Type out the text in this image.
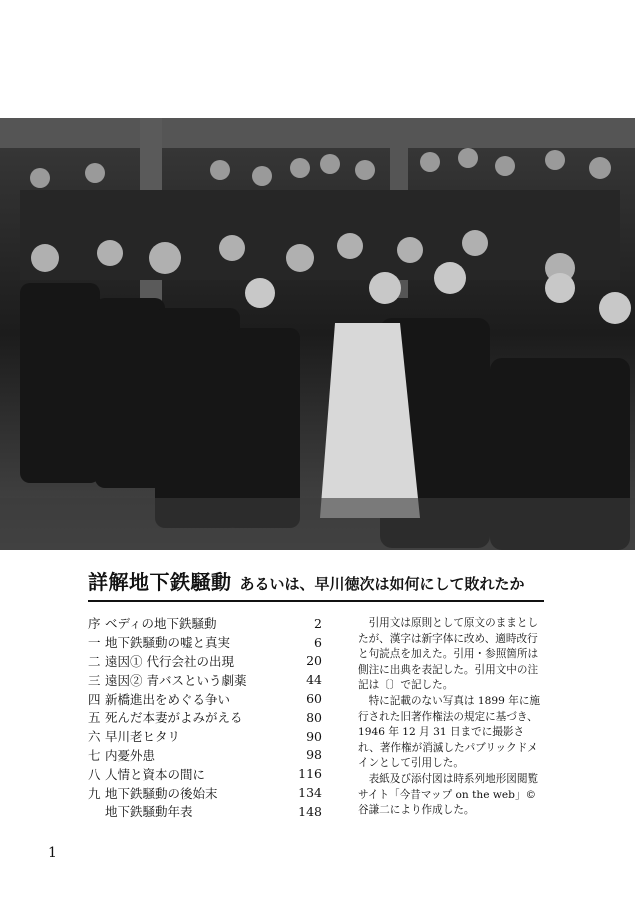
詳解地下鉄騒動 あるいは、早川徳次は如何にして敗れたか
序 ベディの地下鉄騒動	2
一 地下鉄騒動の嘘と真実	6
二 遠因① 代行会社の出現	20
三 遠因② 青バスという劇薬	44
四 新橋進出をめぐる争い	60
五 死んだ本妻がよみがえる	80
六 早川老ヒタリ	90
七 内憂外患	98
八 人情と資本の間に	116
九 地下鉄騒動の後始末	134
地下鉄騒動年表	148

引用文は原則として原文のままとしたが、漢字は新字体に改め、適時改行と句読点を加えた。引用・参照箇所は側注に出典を表記した。引用文中の注記は〔〕で記した。

特に記載のない写真は 1899 年に施行された旧著作権法の規定に基づき、1946 年 12 月 31 日までに撮影され、著作権が消滅したパブリックドメインとして引用した。

表紙及び添付図は時系列地形図閲覧サイト「今昔マップ on the web」©谷謙二により作成した。

1
